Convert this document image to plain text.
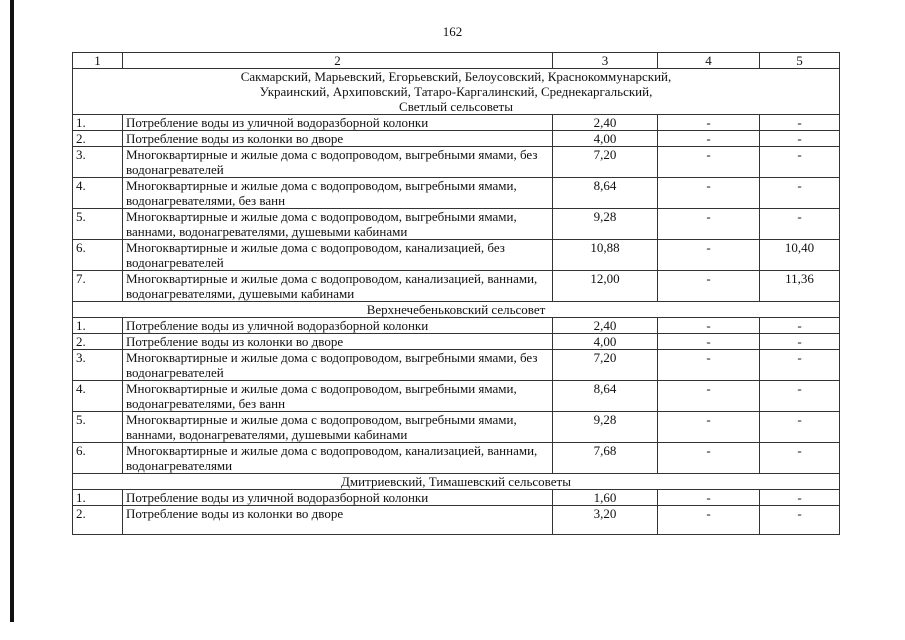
162
1	2	3	4	5

Сакмарский, Марьевский, Егорьевский, Белоусовский, Краснокоммунарский,
Украинский, Архиповский, Татаро-Каргалинский, Среднекаргальский,
Светлый сельсоветы				

1.	Потребление воды из уличной водоразборной колонки	2,40	-	-
2.	Потребление воды из колонки во дворе	4,00	-	-
3.	Многоквартирные и жилые дома с водопроводом, выгребными ямами, без водонагревателей	7,20	-	-
4.	Многоквартирные и жилые дома с водопроводом, выгребными ямами, водонагревателями, без ванн	8,64	-	-
5.	Многоквартирные и жилые дома с водопроводом, выгребными ямами, ваннами, водонагревателями, душевыми кабинами	9,28	-	-
6.	Многоквартирные и жилые дома с водопроводом, канализацией, без водонагревателей	10,88	-	10,40
7.	Многоквартирные и жилые дома с водопроводом, канализацией, ваннами, водонагревателями, душевыми кабинами	12,00	-	11,36

Верхнечебеньковский сельсовет				

1.	Потребление воды из уличной водоразборной колонки	2,40	-	-
2.	Потребление воды из колонки во дворе	4,00	-	-
3.	Многоквартирные и жилые дома с водопроводом, выгребными ямами, без водонагревателей	7,20	-	-
4.	Многоквартирные и жилые дома с водопроводом, выгребными ямами, водонагревателями, без ванн	8,64	-	-
5.	Многоквартирные и жилые дома с водопроводом, выгребными ямами, ваннами, водонагревателями, душевыми кабинами	9,28	-	-
6.	Многоквартирные и жилые дома с водопроводом, канализацией, ваннами, водонагревателями	7,68	-	-

Дмитриевский, Тимашевский сельсоветы				

1.	Потребление воды из уличной водоразборной колонки	1,60	-	-
2.	Потребление воды из колонки во дворе	3,20	-	-
